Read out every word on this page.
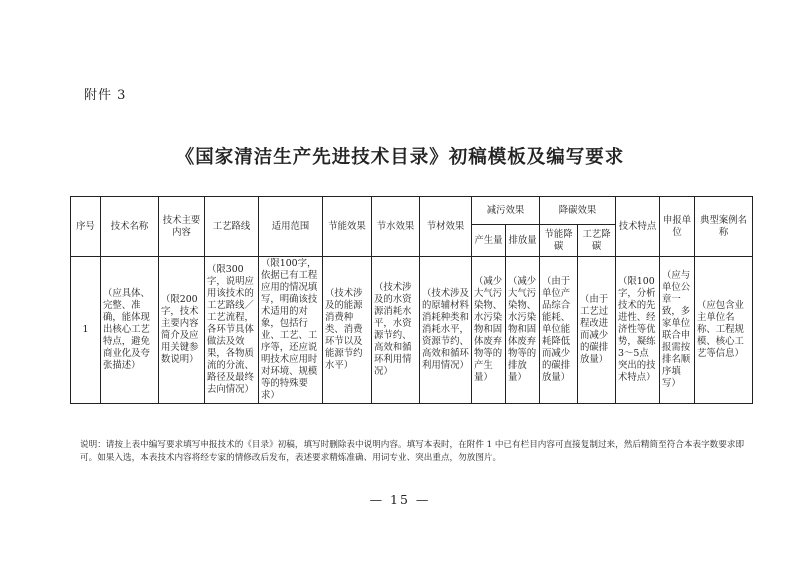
附件 3
《国家清洁生产先进技术目录》初稿模板及编写要求
序号	技术名称	技术主要内容	工艺路线	适用范围	节能效果	节水效果	节材效果	减污效果		降碳效果		技术特点	申报单位	典型案例名称
								产生量	排放量	节能降碳	工艺降碳			
1	（应具体、完整、准确，能体现出核心工艺特点，避免商业化及夸张描述）	（限200字，技术主要内容简介及应用关键参数说明）	（限300字，说明应用该技术的工艺路线／工艺流程，各环节具体做法及效果，各物质流的分流、路径及最终去向情况）	（限100字，依据已有工程应用的情况填写，明确该技术适用的对象，包括行业、工艺、工序等，还应说明技术应用时对环境、规模等的特殊要求）	（技术涉及的能源消费种类、消费环节以及能源节约水平）	（技术涉及的水资源消耗水平，水资源节约、高效和循环利用情况）	（技术涉及的原辅材料消耗种类和消耗水平，资源节约、高效和循环利用情况）	（减少大气污染物、水污染物和固体废弃物等的产生量）	（减少大气污染物、水污染物和固体废弃物等的排放量）	（由于单位产品综合能耗、单位能耗降低而减少的碳排放量）	（由于工艺过程改进而减少的碳排放量）	（限100字，分析技术的先进性、经济性等优势，凝练3～5点突出的技术特点）	（应与单位公章一致，多家单位联合申报需按排名顺序填写）	（应包含业主单位名称、工程规模、核心工艺等信息）
说明：请按上表中编写要求填写申报技术的《目录》初稿，填写时删除表中说明内容。填写本表时，在附件 1 中已有栏目内容可直接复制过来，然后精简至符合本表字数要求即可。如果入选，本表技术内容将经专家的情修改后发布，表述要求精炼准确、用词专业、突出重点，勿放图片。
— 15 —
